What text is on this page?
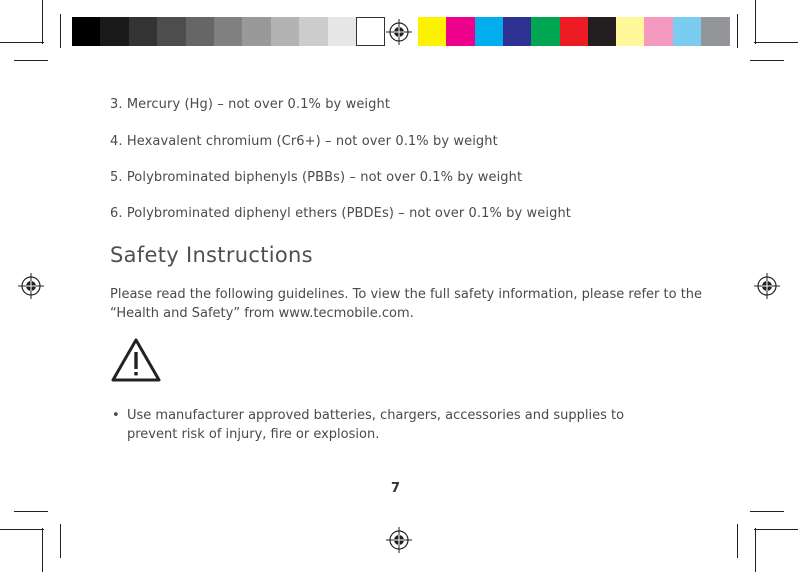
3. Mercury (Hg) – not over 0.1% by weight
4. Hexavalent chromium (Cr6+) – not over 0.1% by weight
5. Polybrominated biphenyls (PBBs) – not over 0.1% by weight
6. Polybrominated diphenyl ethers (PBDEs) – not over 0.1% by weight
Safety Instructions
Please read the following guidelines. To view the full safety information, please refer to the “Health and Safety” from www.tecmobile.com.
• Use manufacturer approved batteries, chargers, accessories and supplies to prevent risk of injury, fire or explosion.
7
